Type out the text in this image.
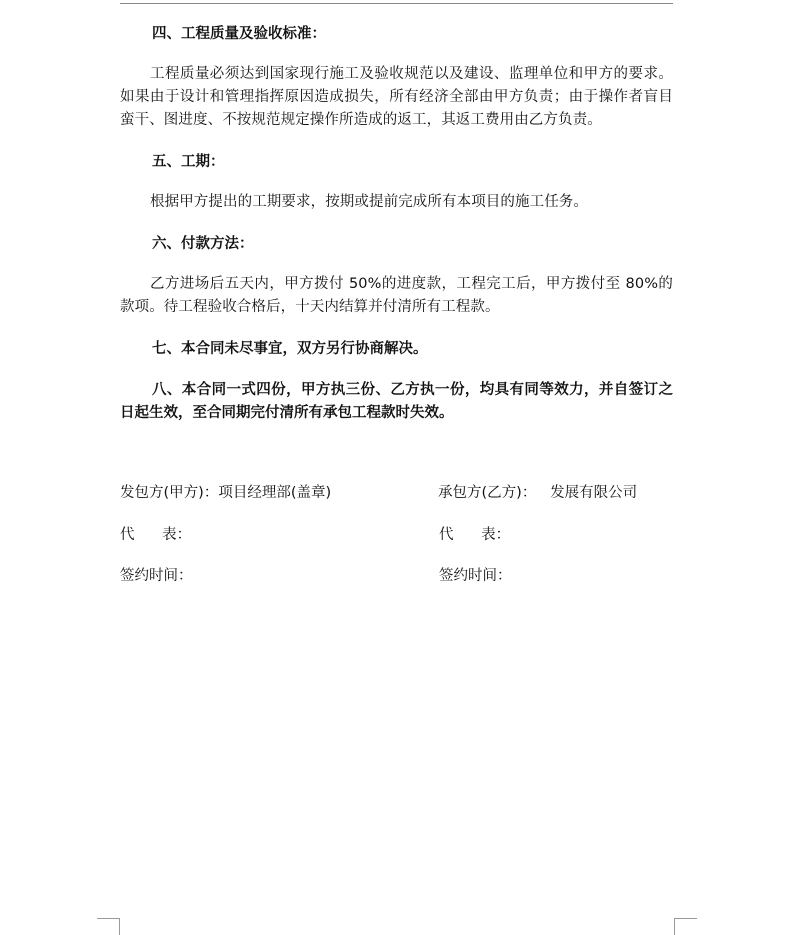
四、工程质量及验收标准：

工程质量必须达到国家现行施工及验收规范以及建设、监理单位和甲方的要求。如果由于设计和管理指挥原因造成损失，所有经济全部由甲方负责；由于操作者盲目蛮干、图进度、不按规范规定操作所造成的返工，其返工费用由乙方负责。

五、工期：

根据甲方提出的工期要求，按期或提前完成所有本项目的施工任务。

六、付款方法：

乙方进场后五天内，甲方拨付 50%的进度款，工程完工后，甲方拨付至 80%的款项。待工程验收合格后，十天内结算并付清所有工程款。

七、本合同未尽事宜，双方另行协商解决。

八、本合同一式四份，甲方执三份、乙方执一份，均具有同等效力，并自签订之日起生效，至合同期完付清所有承包工程款时失效。

发包方(甲方)：项目经理部(盖章)	承包方(乙方)：   发展有限公司
代      表：	代      表：
签约时间：	签约时间：
